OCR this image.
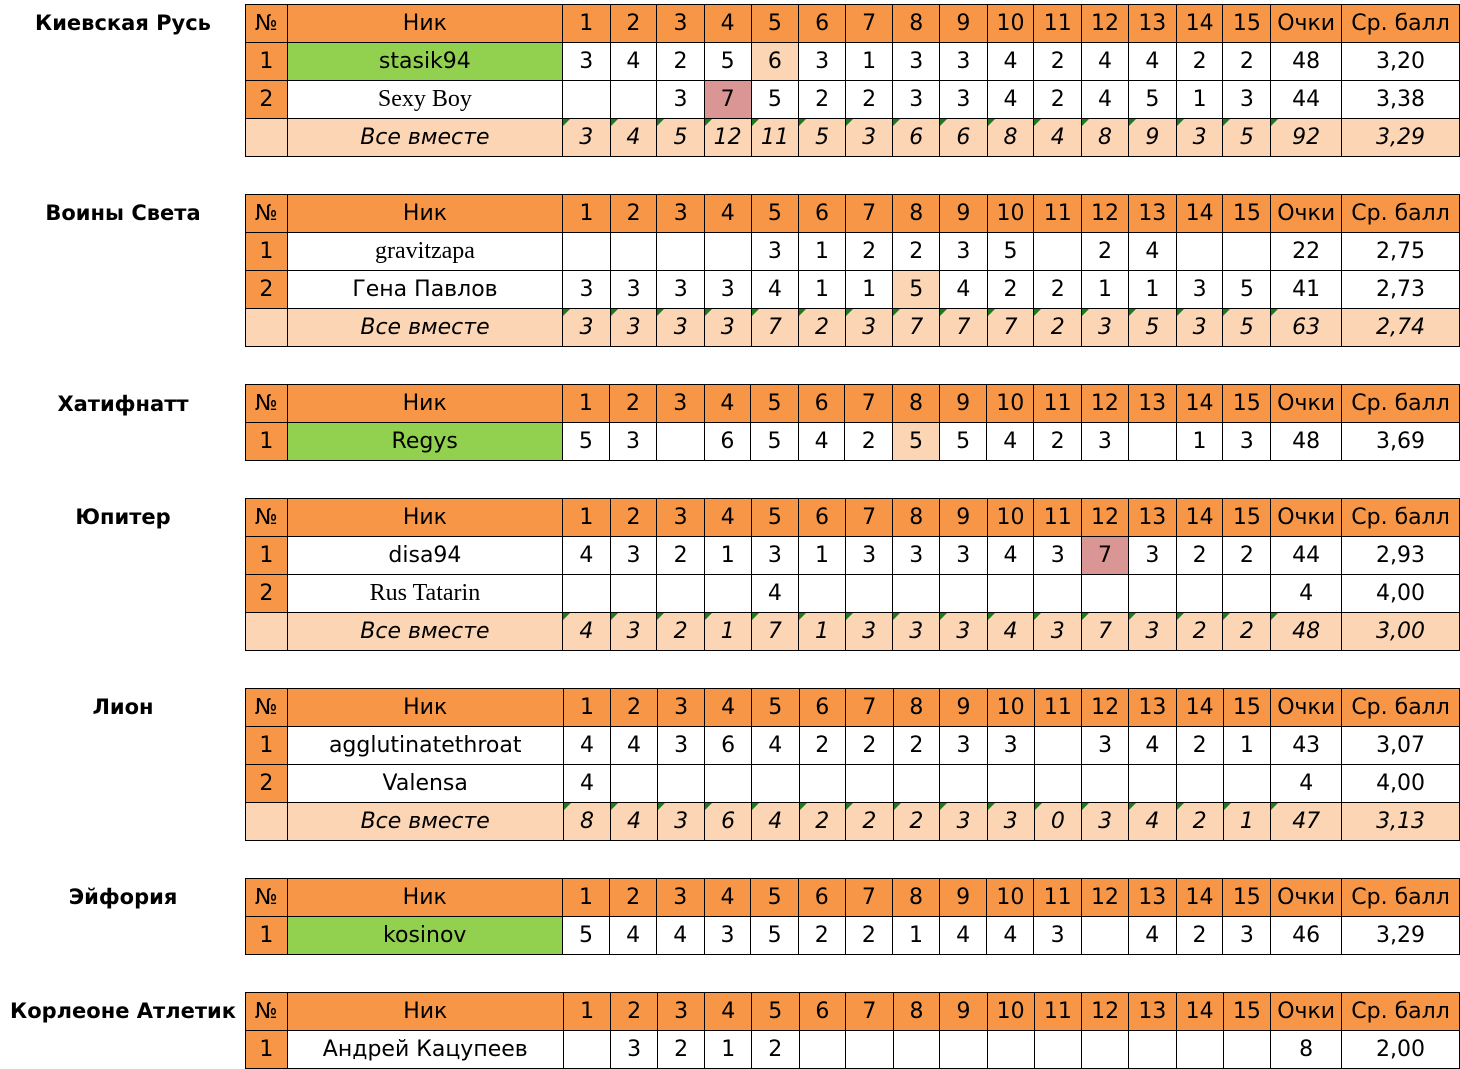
Киевская Русь	№	Ник	1	2	3	4	5	6	7	8	9	10	11	12	13	14	15	Очки	Ср. балл
1	stasik94	3	4	2	5	6	3	1	3	3	4	2	4	4	2	2	48	3,20
2	Sexy Boy			3	7	5	2	2	3	3	4	2	4	5	1	3	44	3,38
	Все вместе	3	4	5	12	11	5	3	6	6	8	4	8	9	3	5	92	3,29
Воины Света	№	Ник	1	2	3	4	5	6	7	8	9	10	11	12	13	14	15	Очки	Ср. балл
1	gravitzapa					3	1	2	2	3	5		2	4			22	2,75
2	Гена Павлов	3	3	3	3	4	1	1	5	4	2	2	1	1	3	5	41	2,73
	Все вместе	3	3	3	3	7	2	3	7	7	7	2	3	5	3	5	63	2,74
Хатифнатт	№	Ник	1	2	3	4	5	6	7	8	9	10	11	12	13	14	15	Очки	Ср. балл
1	Regys	5	3		6	5	4	2	5	5	4	2	3		1	3	48	3,69
Юпитер	№	Ник	1	2	3	4	5	6	7	8	9	10	11	12	13	14	15	Очки	Ср. балл
1	disa94	4	3	2	1	3	1	3	3	3	4	3	7	3	2	2	44	2,93
2	Rus Tatarin					4											4	4,00
	Все вместе	4	3	2	1	7	1	3	3	3	4	3	7	3	2	2	48	3,00
Лион	№	Ник	1	2	3	4	5	6	7	8	9	10	11	12	13	14	15	Очки	Ср. балл
1	agglutinatethroat	4	4	3	6	4	2	2	2	3	3		3	4	2	1	43	3,07
2	Valensa	4															4	4,00
	Все вместе	8	4	3	6	4	2	2	2	3	3	0	3	4	2	1	47	3,13
Эйфория	№	Ник	1	2	3	4	5	6	7	8	9	10	11	12	13	14	15	Очки	Ср. балл
1	kosinov	5	4	4	3	5	2	2	1	4	4	3		4	2	3	46	3,29
Корлеоне Атлетик №	Ник	1	2	3	4	5	6	7	8	9	10	11	12	13	14	15	Очки	Ср. балл
1	Андрей Кацупеев		3	2	1	2											8	2,00
